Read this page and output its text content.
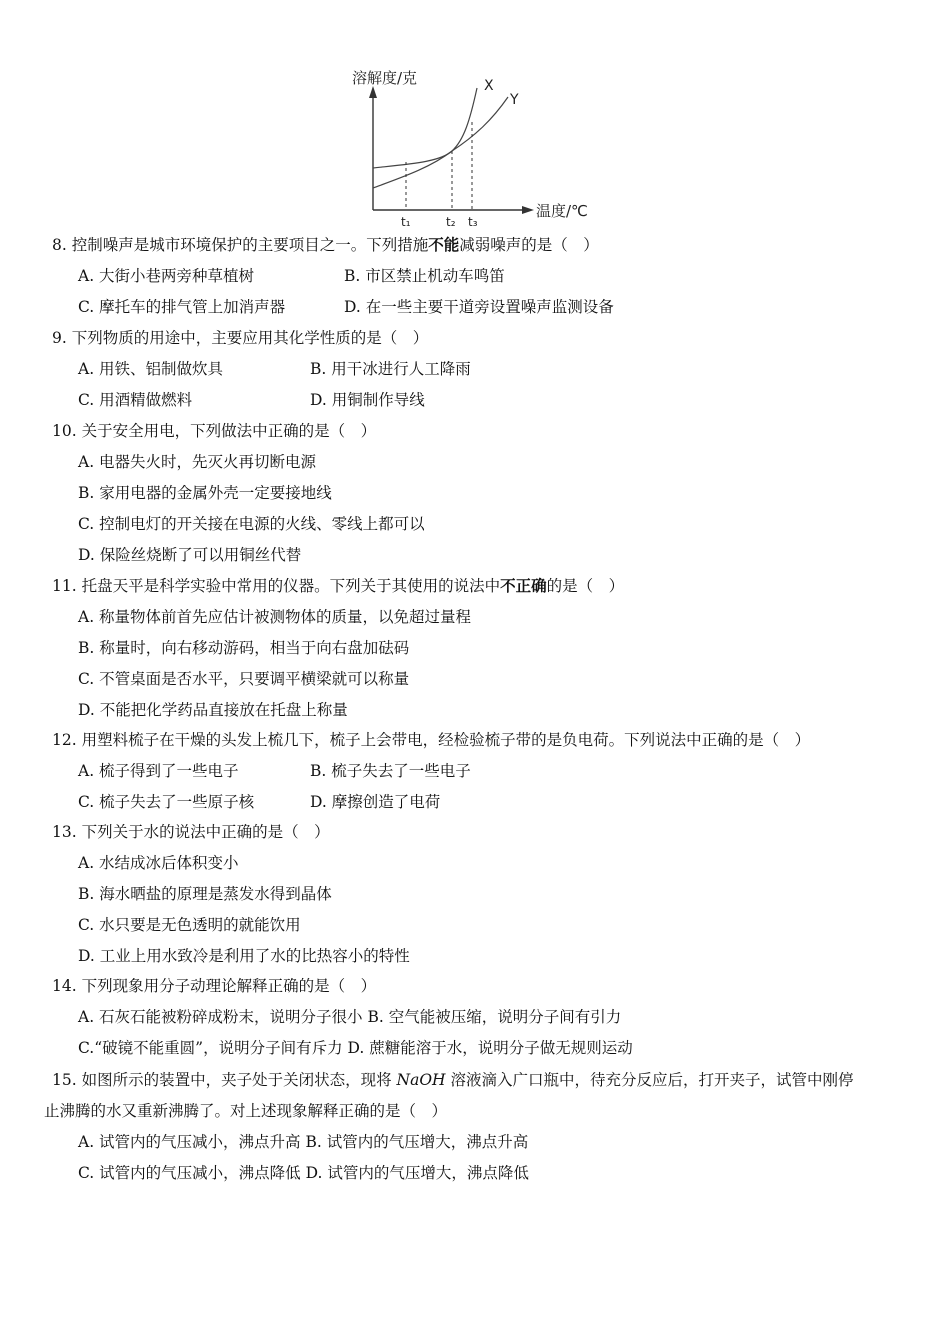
溶解度/克
温度/℃
X
Y
t₁	t₂ t₃
8. 控制噪声是城市环境保护的主要项目之一。下列措施不能减弱噪声的是（　）
A. 大街小巷两旁种草植树	B. 市区禁止机动车鸣笛
C. 摩托车的排气管上加消声器	D. 在一些主要干道旁设置噪声监测设备
9. 下列物质的用途中，主要应用其化学性质的是（　）
A. 用铁、铝制做炊具	B. 用干冰进行人工降雨
C. 用酒精做燃料	D. 用铜制作导线
10. 关于安全用电，下列做法中正确的是（　）
A. 电器失火时，先灭火再切断电源
B. 家用电器的金属外壳一定要接地线
C. 控制电灯的开关接在电源的火线、零线上都可以
D. 保险丝烧断了可以用铜丝代替
11. 托盘天平是科学实验中常用的仪器。下列关于其使用的说法中不正确的是（　）
A. 称量物体前首先应估计被测物体的质量，以免超过量程
B. 称量时，向右移动游码，相当于向右盘加砝码
C. 不管桌面是否水平，只要调平横梁就可以称量
D. 不能把化学药品直接放在托盘上称量
12. 用塑料梳子在干燥的头发上梳几下，梳子上会带电，经检验梳子带的是负电荷。下列说法中正确的是（　）
A. 梳子得到了一些电子	B. 梳子失去了一些电子
C. 梳子失去了一些原子核	D. 摩擦创造了电荷
13. 下列关于水的说法中正确的是（　）
A. 水结成冰后体积变小
B. 海水晒盐的原理是蒸发水得到晶体
C. 水只要是无色透明的就能饮用
D. 工业上用水致冷是利用了水的比热容小的特性
14. 下列现象用分子动理论解释正确的是（　）
A. 石灰石能被粉碎成粉末，说明分子很小 B. 空气能被压缩，说明分子间有引力
C.“破镜不能重圆”，说明分子间有斥力 D. 蔗糖能溶于水，说明分子做无规则运动
15. 如图所示的装置中，夹子处于关闭状态，现将 NaOH 溶液滴入广口瓶中，待充分反应后，打开夹子，试管中刚停
止沸腾的水又重新沸腾了。对上述现象解释正确的是（　）
A. 试管内的气压减小，沸点升高 B. 试管内的气压增大，沸点升高
C. 试管内的气压减小，沸点降低 D. 试管内的气压增大，沸点降低
